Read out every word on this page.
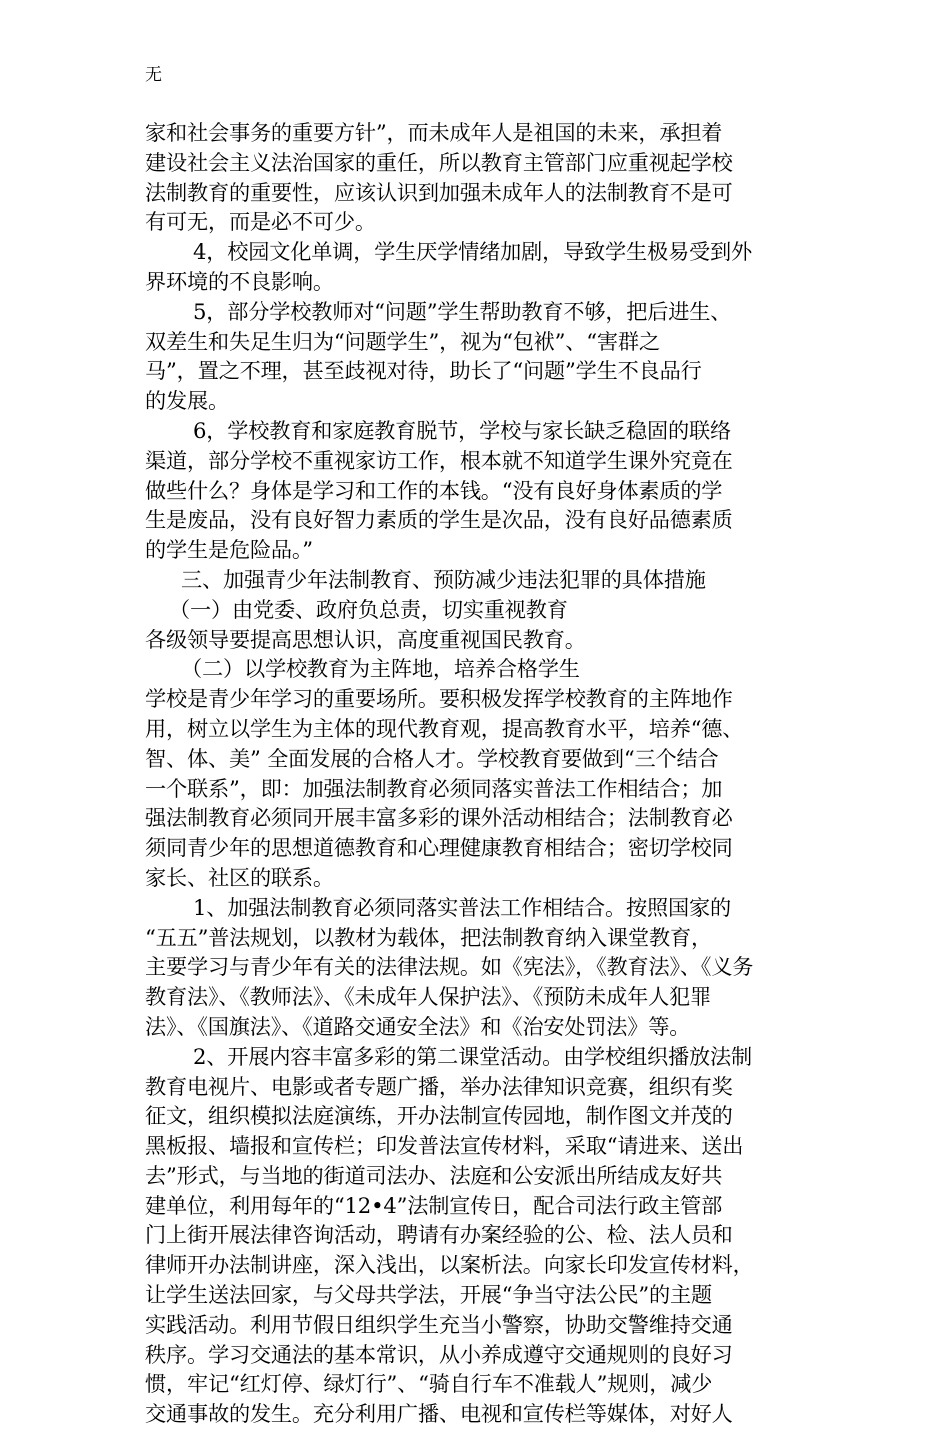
无
家和社会事务的重要方针”，而未成年人是祖国的未来，承担着
建设社会主义法治国家的重任，所以教育主管部门应重视起学校
法制教育的重要性，应该认识到加强未成年人的法制教育不是可
有可无，而是必不可少。
4，校园文化单调，学生厌学情绪加剧，导致学生极易受到外
界环境的不良影响。
5，部分学校教师对“问题”学生帮助教育不够，把后进生、
双差生和失足生归为“问题学生”，视为“包袱”、“害群之
马”，置之不理，甚至歧视对待，助长了“问题”学生不良品行
的发展。
6，学校教育和家庭教育脱节，学校与家长缺乏稳固的联络
渠道，部分学校不重视家访工作，根本就不知道学生课外究竟在
做些什么？身体是学习和工作的本钱。“没有良好身体素质的学
生是废品，没有良好智力素质的学生是次品，没有良好品德素质
的学生是危险品。”
三、加强青少年法制教育、预防减少违法犯罪的具体措施
（一）由党委、政府负总责，切实重视教育
各级领导要提高思想认识，高度重视国民教育。
（二）以学校教育为主阵地，培养合格学生
学校是青少年学习的重要场所。要积极发挥学校教育的主阵地作
用，树立以学生为主体的现代教育观，提高教育水平，培养“德、
智、体、美” 全面发展的合格人才。学校教育要做到“三个结合
一个联系”，即：加强法制教育必须同落实普法工作相结合；加
强法制教育必须同开展丰富多彩的课外活动相结合；法制教育必
须同青少年的思想道德教育和心理健康教育相结合；密切学校同
家长、社区的联系。
1、加强法制教育必须同落实普法工作相结合。按照国家的
“五五”普法规划，以教材为载体，把法制教育纳入课堂教育，
主要学习与青少年有关的法律法规。如《宪法》，《教育法》、《义务
教育法》、《教师法》、《未成年人保护法》、《预防未成年人犯罪
法》、《国旗法》、《道路交通安全法》和《治安处罚法》等。
2、开展内容丰富多彩的第二课堂活动。由学校组织播放法制
教育电视片、电影或者专题广播，举办法律知识竞赛，组织有奖
征文，组织模拟法庭演练，开办法制宣传园地，制作图文并茂的
黑板报、墙报和宣传栏；印发普法宣传材料，采取“请进来、送出
去”形式，与当地的街道司法办、法庭和公安派出所结成友好共
建单位，利用每年的“12•4”法制宣传日，配合司法行政主管部
门上街开展法律咨询活动，聘请有办案经验的公、检、法人员和
律师开办法制讲座，深入浅出，以案析法。向家长印发宣传材料，
让学生送法回家，与父母共学法，开展“争当守法公民”的主题
实践活动。利用节假日组织学生充当小警察，协助交警维持交通
秩序。学习交通法的基本常识，从小养成遵守交通规则的良好习
惯，牢记“红灯停、绿灯行”、“骑自行车不准载人”规则，减少
交通事故的发生。充分利用广播、电视和宣传栏等媒体，对好人
